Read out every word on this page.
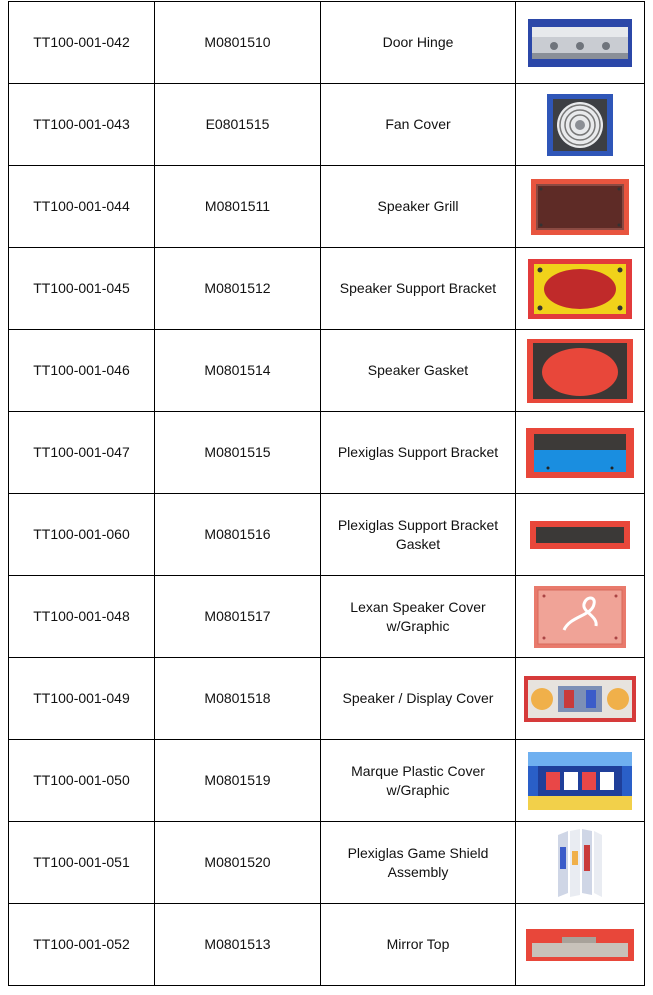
TT100-001-042	M0801510	Door Hinge	

TT100-001-043	E0801515	Fan Cover	

TT100-001-044	M0801511	Speaker Grill	

TT100-001-045	M0801512	Speaker Support Bracket	

TT100-001-046	M0801514	Speaker Gasket	

TT100-001-047	M0801515	Plexiglas Support Bracket	

TT100-001-060	M0801516	Plexiglas Support Bracket Gasket	

TT100-001-048	M0801517	Lexan Speaker Cover w/Graphic	

TT100-001-049	M0801518	Speaker / Display Cover	

TT100-001-050	M0801519	Marque Plastic Cover w/Graphic	

TT100-001-051	M0801520	Plexiglas Game Shield Assembly	

TT100-001-052	M0801513	Mirror Top	
